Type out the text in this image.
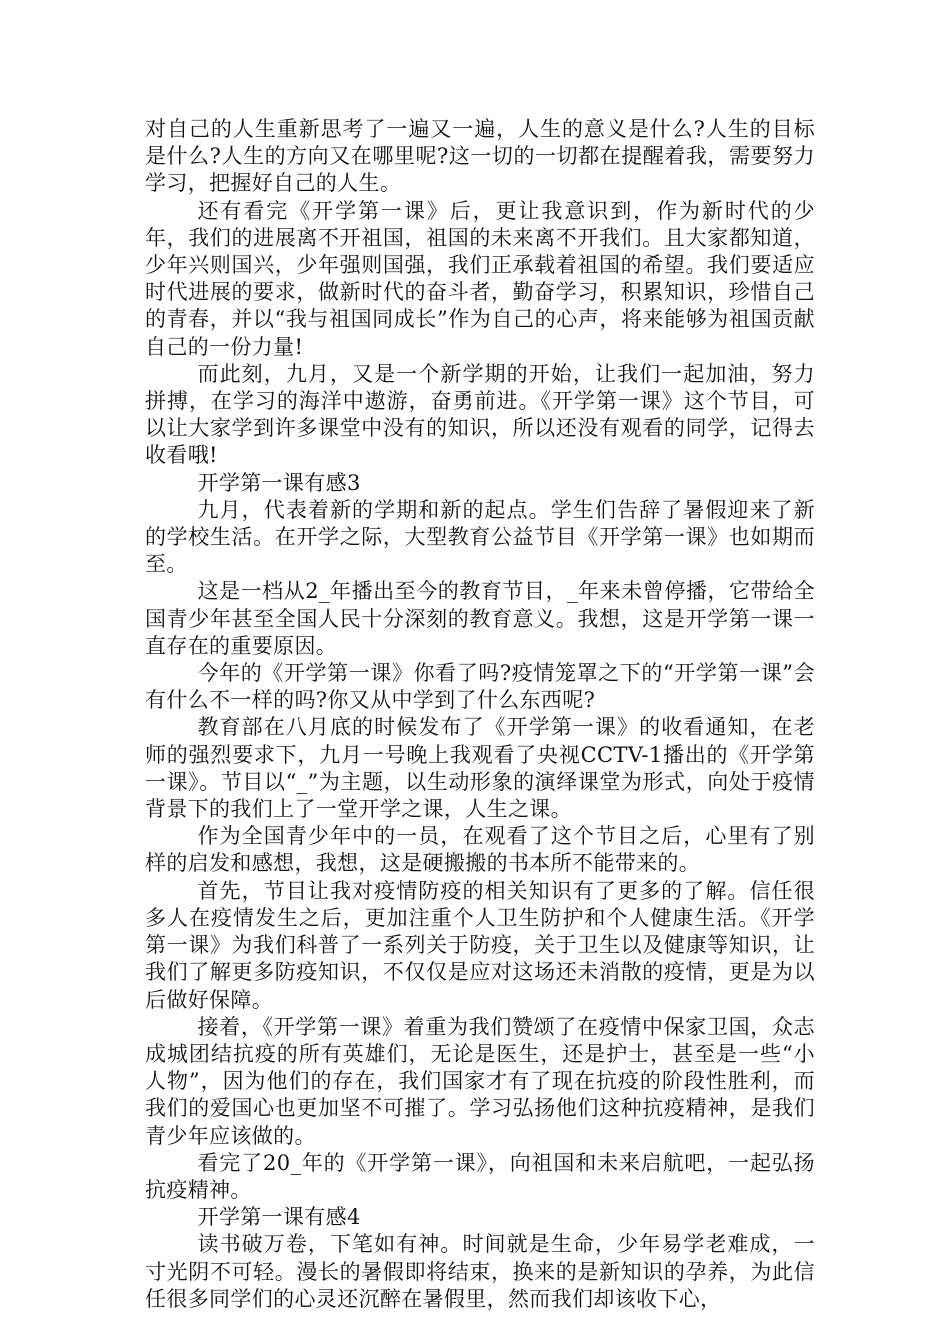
对自己的人生重新思考了一遍又一遍，人生的意义是什么?人生的目标是什么?人生的方向又在哪里呢?这一切的一切都在提醒着我，需要努力学习，把握好自己的人生。

还有看完《开学第一课》后，更让我意识到，作为新时代的少年，我们的进展离不开祖国，祖国的未来离不开我们。且大家都知道，少年兴则国兴，少年强则国强，我们正承载着祖国的希望。我们要适应时代进展的要求，做新时代的奋斗者，勤奋学习，积累知识，珍惜自己的青春，并以“我与祖国同成长”作为自己的心声，将来能够为祖国贡献自己的一份力量!

而此刻，九月，又是一个新学期的开始，让我们一起加油，努力拼搏，在学习的海洋中遨游，奋勇前进。《开学第一课》这个节目，可以让大家学到许多课堂中没有的知识，所以还没有观看的同学，记得去收看哦!

开学第一课有感3

九月，代表着新的学期和新的起点。学生们告辞了暑假迎来了新的学校生活。在开学之际，大型教育公益节目《开学第一课》也如期而至。

这是一档从2_年播出至今的教育节目，_年来未曾停播，它带给全国青少年甚至全国人民十分深刻的教育意义。我想，这是开学第一课一直存在的重要原因。

今年的《开学第一课》你看了吗?疫情笼罩之下的“开学第一课”会有什么不一样的吗?你又从中学到了什么东西呢?

教育部在八月底的时候发布了《开学第一课》的收看通知，在老师的强烈要求下，九月一号晚上我观看了央视CCTV-1播出的《开学第一课》。节目以“_”为主题，以生动形象的演绎课堂为形式，向处于疫情背景下的我们上了一堂开学之课，人生之课。

作为全国青少年中的一员，在观看了这个节目之后，心里有了别样的启发和感想，我想，这是硬搬搬的书本所不能带来的。

首先，节目让我对疫情防疫的相关知识有了更多的了解。信任很多人在疫情发生之后，更加注重个人卫生防护和个人健康生活。《开学第一课》为我们科普了一系列关于防疫，关于卫生以及健康等知识，让我们了解更多防疫知识，不仅仅是应对这场还未消散的疫情，更是为以后做好保障。

接着，《开学第一课》着重为我们赞颂了在疫情中保家卫国，众志成城团结抗疫的所有英雄们，无论是医生，还是护士，甚至是一些“小人物”，因为他们的存在，我们国家才有了现在抗疫的阶段性胜利，而我们的爱国心也更加坚不可摧了。学习弘扬他们这种抗疫精神，是我们青少年应该做的。

看完了20_年的《开学第一课》，向祖国和未来启航吧，一起弘扬抗疫精神。

开学第一课有感4

读书破万卷，下笔如有神。时间就是生命，少年易学老难成，一寸光阴不可轻。漫长的暑假即将结束，换来的是新知识的孕养，为此信任很多同学们的心灵还沉醉在暑假里，然而我们却该收下心，
